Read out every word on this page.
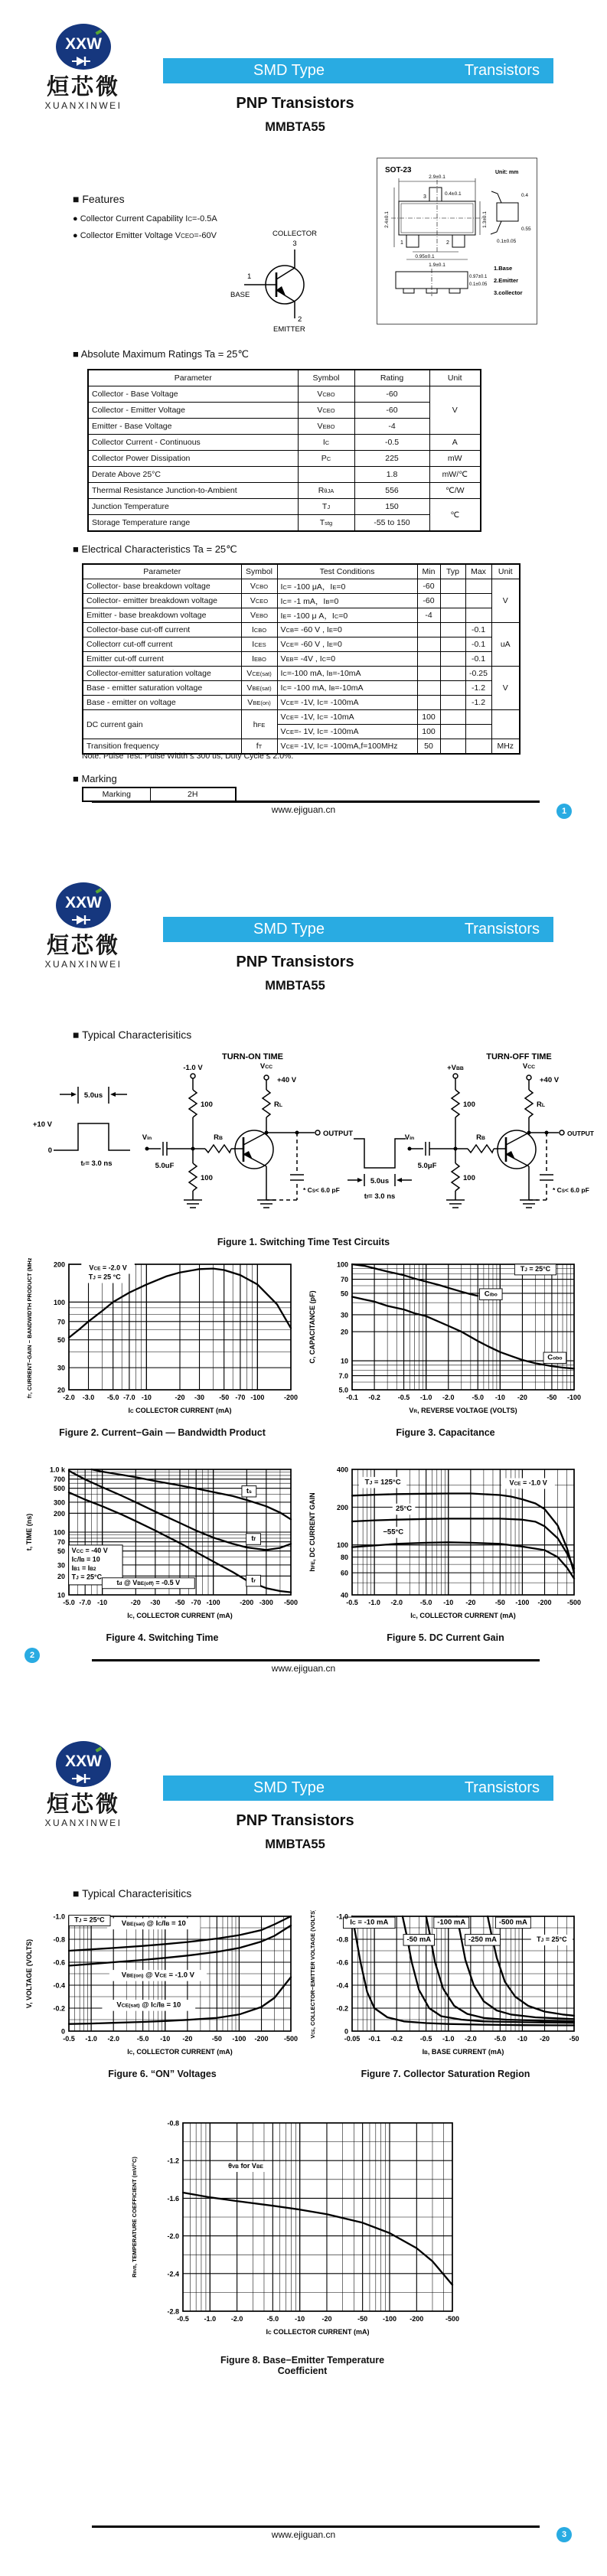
XXW
烜芯微
XUANXINWEI
SMD Type	Transistors
PNP Transistors
MMBTA55
■ Features
● Collector Current Capability IC=-0.5A
● Collector Emitter Voltage VCEO=-60V	COLLECTOR
3
1
BASE
2
EMITTER
SOT-23	Unit: mm
2.9±0.1
0.4±0.1
2.4±0.1	1.3±0.1
0.95±0.1
1.9±0.1
3
1	2
0.4
0.55
0.1±0.05
0.97±0.1
0.1±0.05
1.Base
2.Emitter
3.collector
■ Absolute Maximum Ratings Ta = 25℃
Parameter	Symbol	Rating	Unit
Collector - Base Voltage	VCBO	-60	V
Collector - Emitter Voltage	VCEO	-60	
Emitter - Base Voltage	VEBO	-4	
Collector Current - Continuous	IC	-0.5	A
Collector Power Dissipation	PC	225	mW
Derate Above 25°C		1.8	mW/℃
Thermal Resistance Junction-to-Ambient	RθJA	556	℃/W
Junction Temperature	TJ	150	℃
Storage Temperature range	Tstg	-55 to 150	
■ Electrical Characteristics Ta = 25℃
Parameter	Symbol	Test Conditions	Min	Typ	Max	Unit
Collector- base breakdown voltage	VCBO	IC= -100 μA，IE=0	-60			V
Collector- emitter breakdown voltage	VCEO	IC= -1 mA，IB=0	-60			
Emitter - base breakdown voltage	VEBO	IE= -100 μ A，IC=0	-4			
Collector-base cut-off current	ICBO	VCB= -60 V , IE=0			-0.1	uA
Collectorr cut-off current	ICES	VCE= -60 V , IE=0			-0.1	
Emitter cut-off current	IEBO	VEB= -4V , IC=0			-0.1	
Collector-emitter saturation voltage	VCE(sat)	IC=-100 mA, IB=-10mA			-0.25	V
Base - emitter saturation voltage	VBE(sat)	IC= -100 mA, IB=-10mA			-1.2	
Base - emitter on voltage	VBE(on)	VCE= -1V, IC= -100mA			-1.2	
DC current gain	hFE	VCE= -1V, IC= -10mA	100			
		VCE=- 1V, IC= -100mA	100			
Transition frequency	fT	VCE= -1V, IC= -100mA,f=100MHz	50			MHz
Note. Pulse Test: Pulse Width ≤ 300 us, Duty Cycle ≤ 2.0%.
■ Marking
Marking	2H
www.ejiguan.cn	1
XXW
烜芯微
XUANXINWEI
SMD Type	Transistors
PNP Transistors
MMBTA55
■ Typical Characterisitics
TURN-ON TIME	TURN-OFF TIME
5.0us
+10 V
0
tr= 3.0 ns
Vin
5.0uF
-1.0 V
100
100
RB
RL
VCC
+40 V
OUTPUT
* CS< 6.0 pF
5.0us
tf= 3.0 ns
Vin
5.0μF
+VBB
100
100
RB
RL
VCC
+40 V
OUTPUT
* CS< 6.0 pF
Figure 1. Switching Time Test Circuits
VCE = -2.0 V
TJ = 25 °C
-2.0 -3.0 -5.0 -7.0 -10	-20 -30 -50 -70 -100	-200
20
30
50
70
100
200
IC COLLECTOR CURRENT (mA)
fT, CURRENT−GAIN − BANDWIDTH PRODUCT (MHz)
Figure 2. Current−Gain — Bandwidth Product
Cibo
Cobo
TJ = 25°C
-0.1 -0.2	-0.5 -1.0 -2.0	-5.0 -10 -20	-50 -100
5.0
7.0
10
20
30
50
70
100
VR, REVERSE VOLTAGE (VOLTS)
C, CAPACITANCE (pF)
Figure 3. Capacitance
ts
tf
tr
VCC = -40 V
IC/IB = 10
IB1 = IB2
TJ = 25°C
td @ VBE(off) = -0.5 V
-5.0 -7.0 -10	-20 -30 -50 -70 -100	-200 -300 -500
10
20
30
50
70
100
200
300
500
700
1.0 k
IC, COLLECTOR CURRENT (mA)
t, TIME (ns)
Figure 4. Switching Time
TJ = 125°C
25°C
−55°C
VCE = -1.0 V
-0.5 -1.0 -2.0	-5.0 -10 -20	-50 -100 -200 -500
40
60
80
100
200
400
IC, COLLECTOR CURRENT (mA)
hFE, DC CURRENT GAIN
Figure 5. DC Current Gain
www.ejiguan.cn
2
XXW
烜芯微
XUANXINWEI
SMD Type	Transistors
PNP Transistors
MMBTA55
■ Typical Characterisitics
VBE(sat) @ IC/IB = 10
VBE(on) @ VCE = -1.0 V
VCE(sat) @ IC/IB = 10
TJ = 25°C
-0.5 -1.0 -2.0	-5.0 -10 -20	-50 -100 -200 -500
0
-0.2
-0.4
-0.6
-0.8
-1.0
IC, COLLECTOR CURRENT (mA)
V, VOLTAGE (VOLTS)
Figure 6. “ON” Voltages
IC = -10 mA
-50 mA
-100 mA
-250 mA
-500 mA
TJ = 25°C
-0.05 -0.1 -0.2	-0.5 -1.0 -2.0	-5.0 -10 -20	-50
0
-0.2
-0.4
-0.6
-0.8
-1.0
IB, BASE CURRENT (mA)
VCE, COLLECTOR−EMITTER VOLTAGE (VOLTS)
Figure 7. Collector Saturation Region
θVB for VBE
-0.5 -1.0 -2.0	-5.0 -10 -20	-50 -100 -200	-500
-0.8
-1.2
-1.6
-2.0
-2.4
-2.8
IC COLLECTOR CURRENT (mA)
RθVB, TEMPERATURE COEFFICIENT (mV/°C)
Figure 8. Base−Emitter Temperature
Coefficient
www.ejiguan.cn	3
